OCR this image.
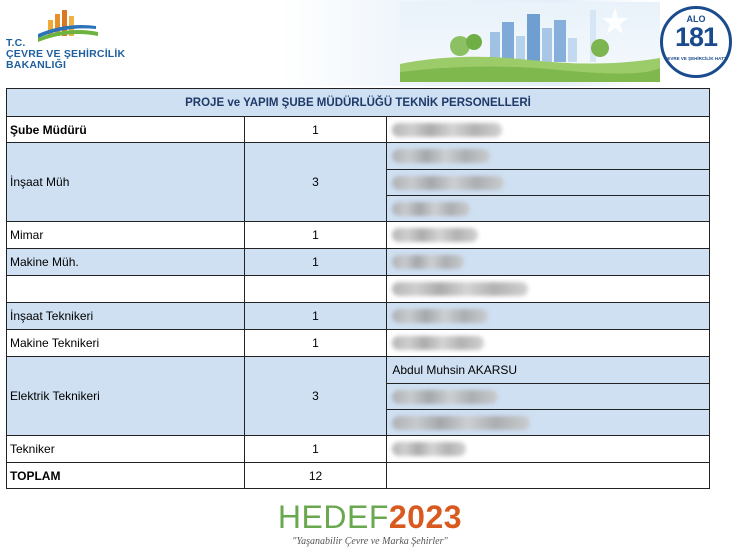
T.C.
ÇEVRE VE ŞEHİRCİLİK
BAKANLIĞI
ALO
181
ÇEVRE VE ŞEHİRCİLİK HATTI
PROJE ve YAPIM ŞUBE MÜDÜRLÜĞÜ TEKNİK PERSONELLERİ		
Şube Müdürü	1	
İnşaat Müh	3	

Mimar	1	
Makine Müh.	1	

İnşaat Teknikeri	1	
Makine Teknikeri	1	
Elektrik Teknikeri	3	Abdul Muhsin AKARSU

Tekniker	1	
TOPLAM	12	
HEDEF2023
"Yaşanabilir Çevre ve Marka Şehirler"
